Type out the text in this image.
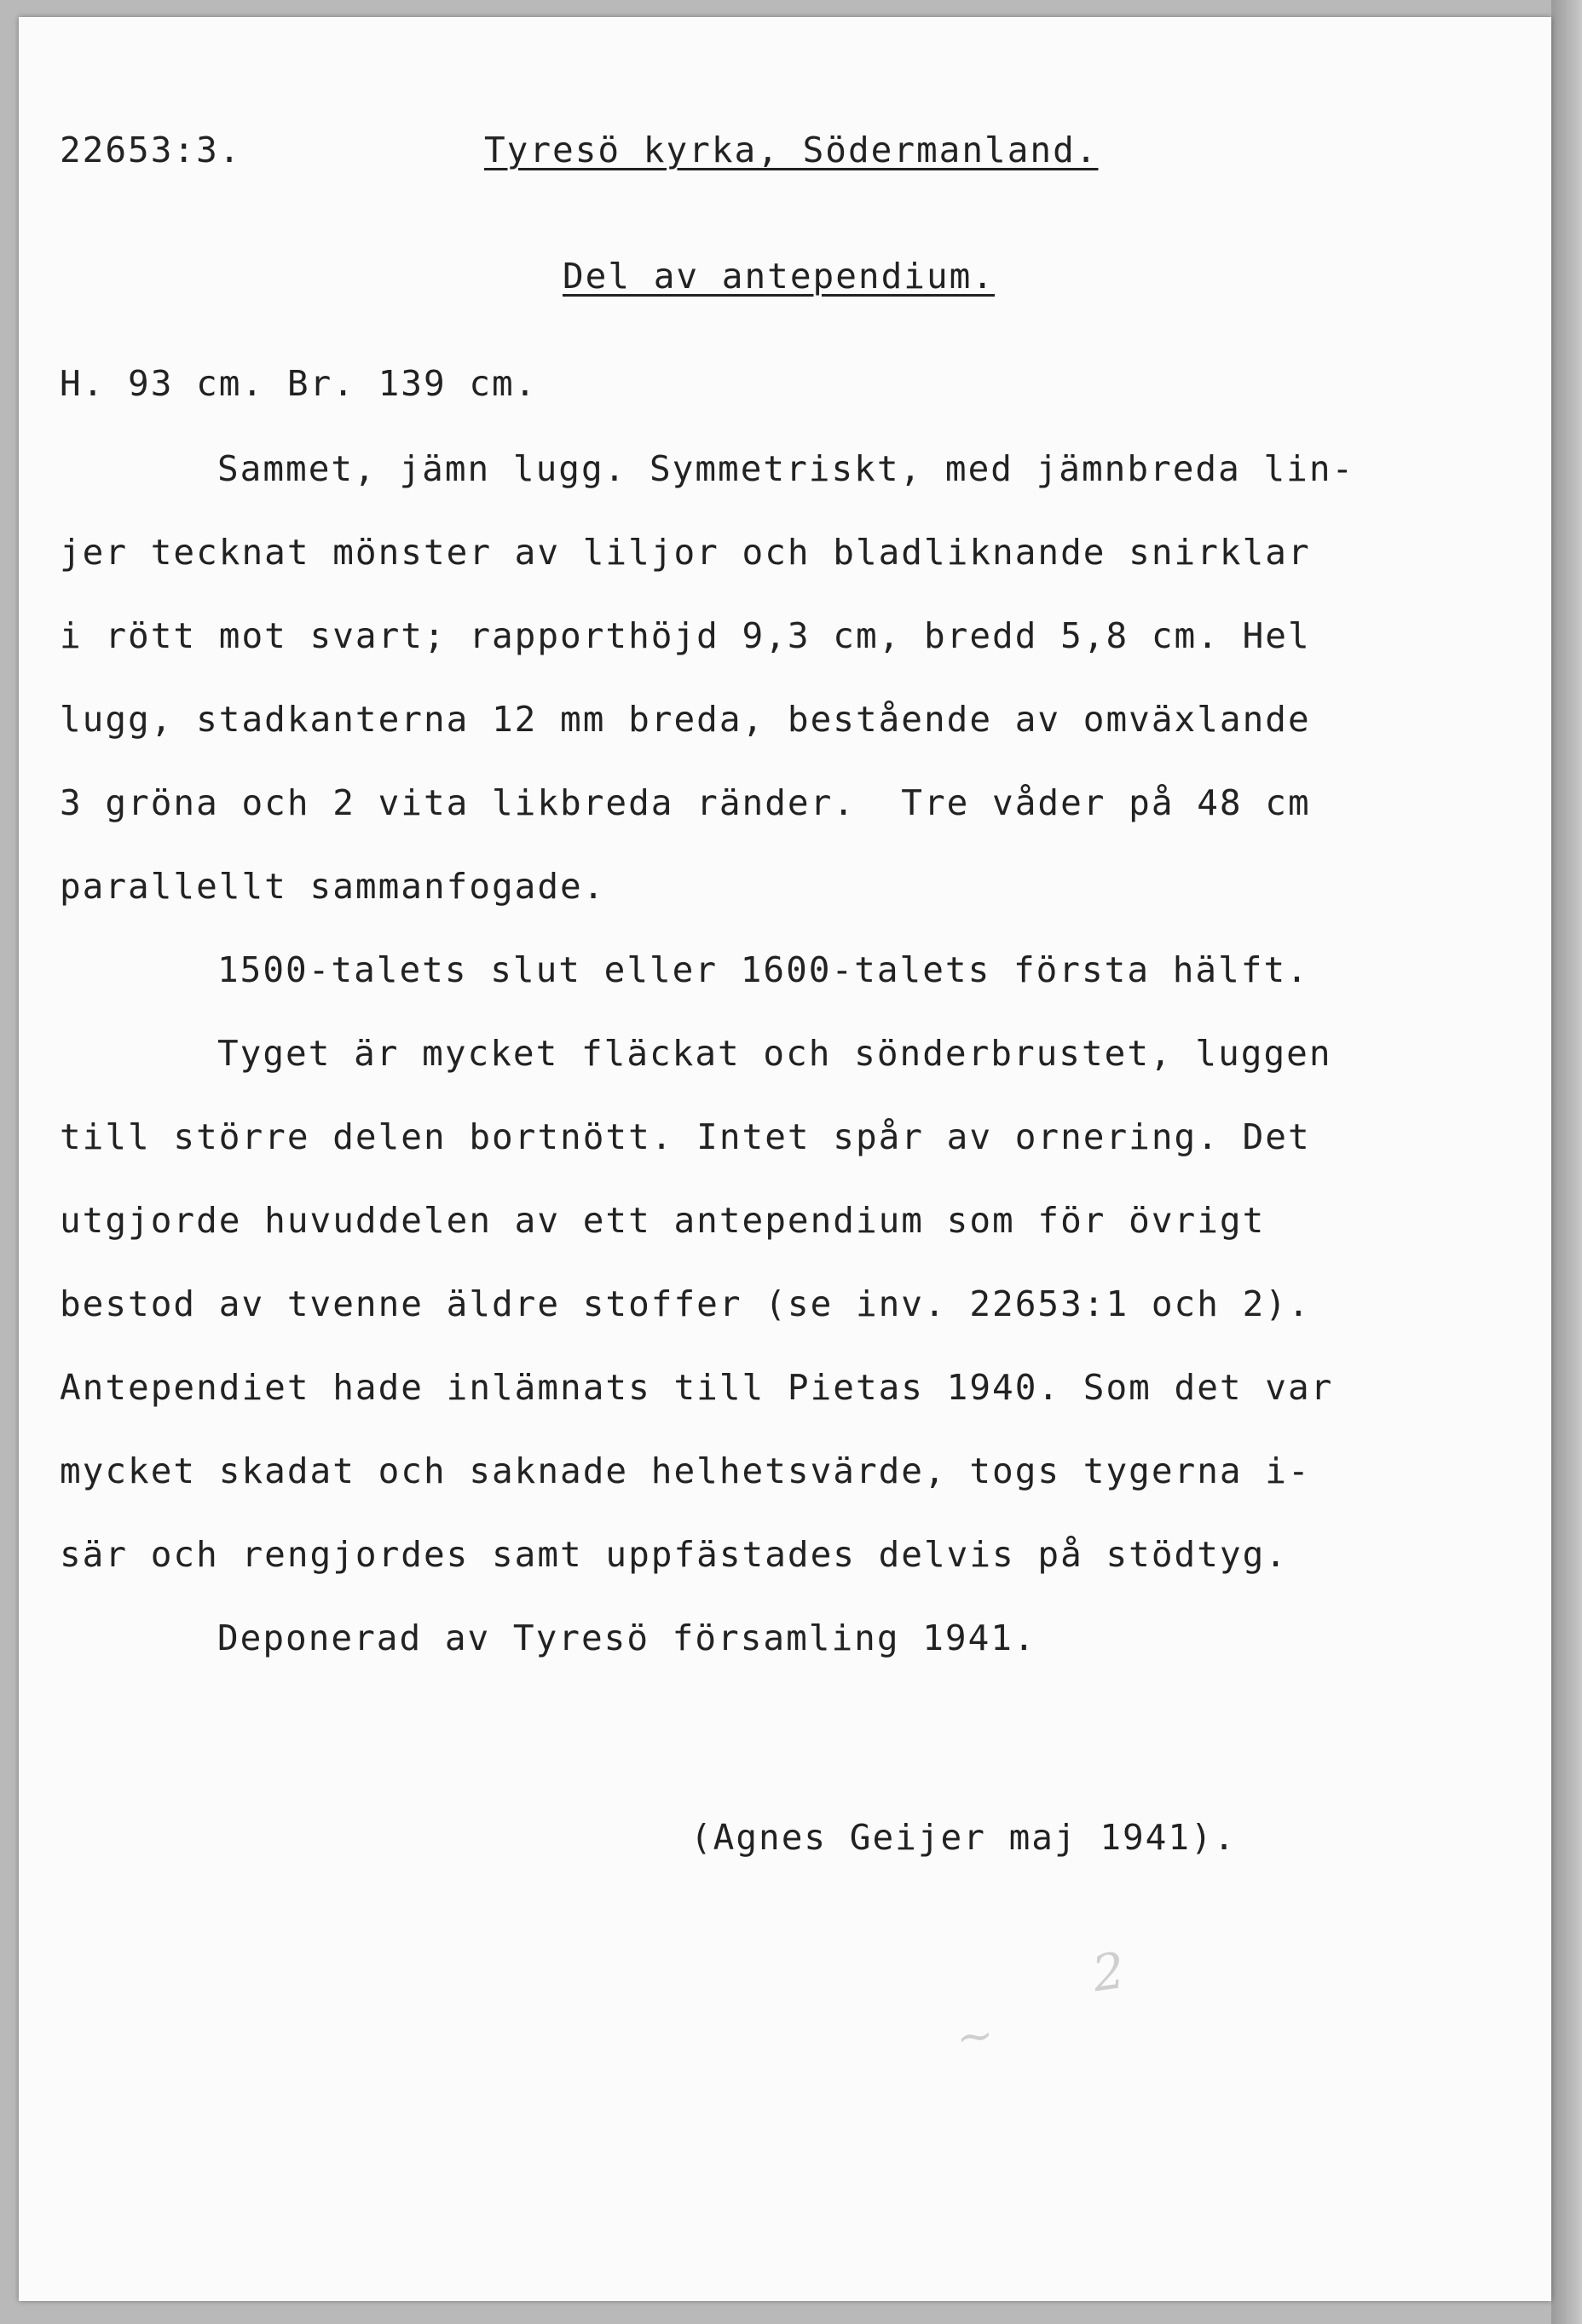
22653:3.	Tyresö kyrka, Södermanland.
Del av antependium.
H. 93 cm. Br. 139 cm.
Sammet, jämn lugg. Symmetriskt, med jämnbreda lin-
jer tecknat mönster av liljor och bladliknande snirklar
i rött mot svart; rapporthöjd 9,3 cm, bredd 5,8 cm. Hel
lugg, stadkanterna 12 mm breda, bestående av omväxlande
3 gröna och 2 vita likbreda ränder.  Tre våder på 48 cm
parallellt sammanfogade.
1500-talets slut eller 1600-talets första hälft.
Tyget är mycket fläckat och sönderbrustet, luggen
till större delen bortnött. Intet spår av ornering. Det
utgjorde huvuddelen av ett antependium som för övrigt
bestod av tvenne äldre stoffer (se inv. 22653:1 och 2).
Antependiet hade inlämnats till Pietas 1940. Som det var
mycket skadat och saknade helhetsvärde, togs tygerna i-
sär och rengjordes samt uppfästades delvis på stödtyg.
Deponerad av Tyresö församling 1941.
(Agnes Geijer maj 1941).
2
~
